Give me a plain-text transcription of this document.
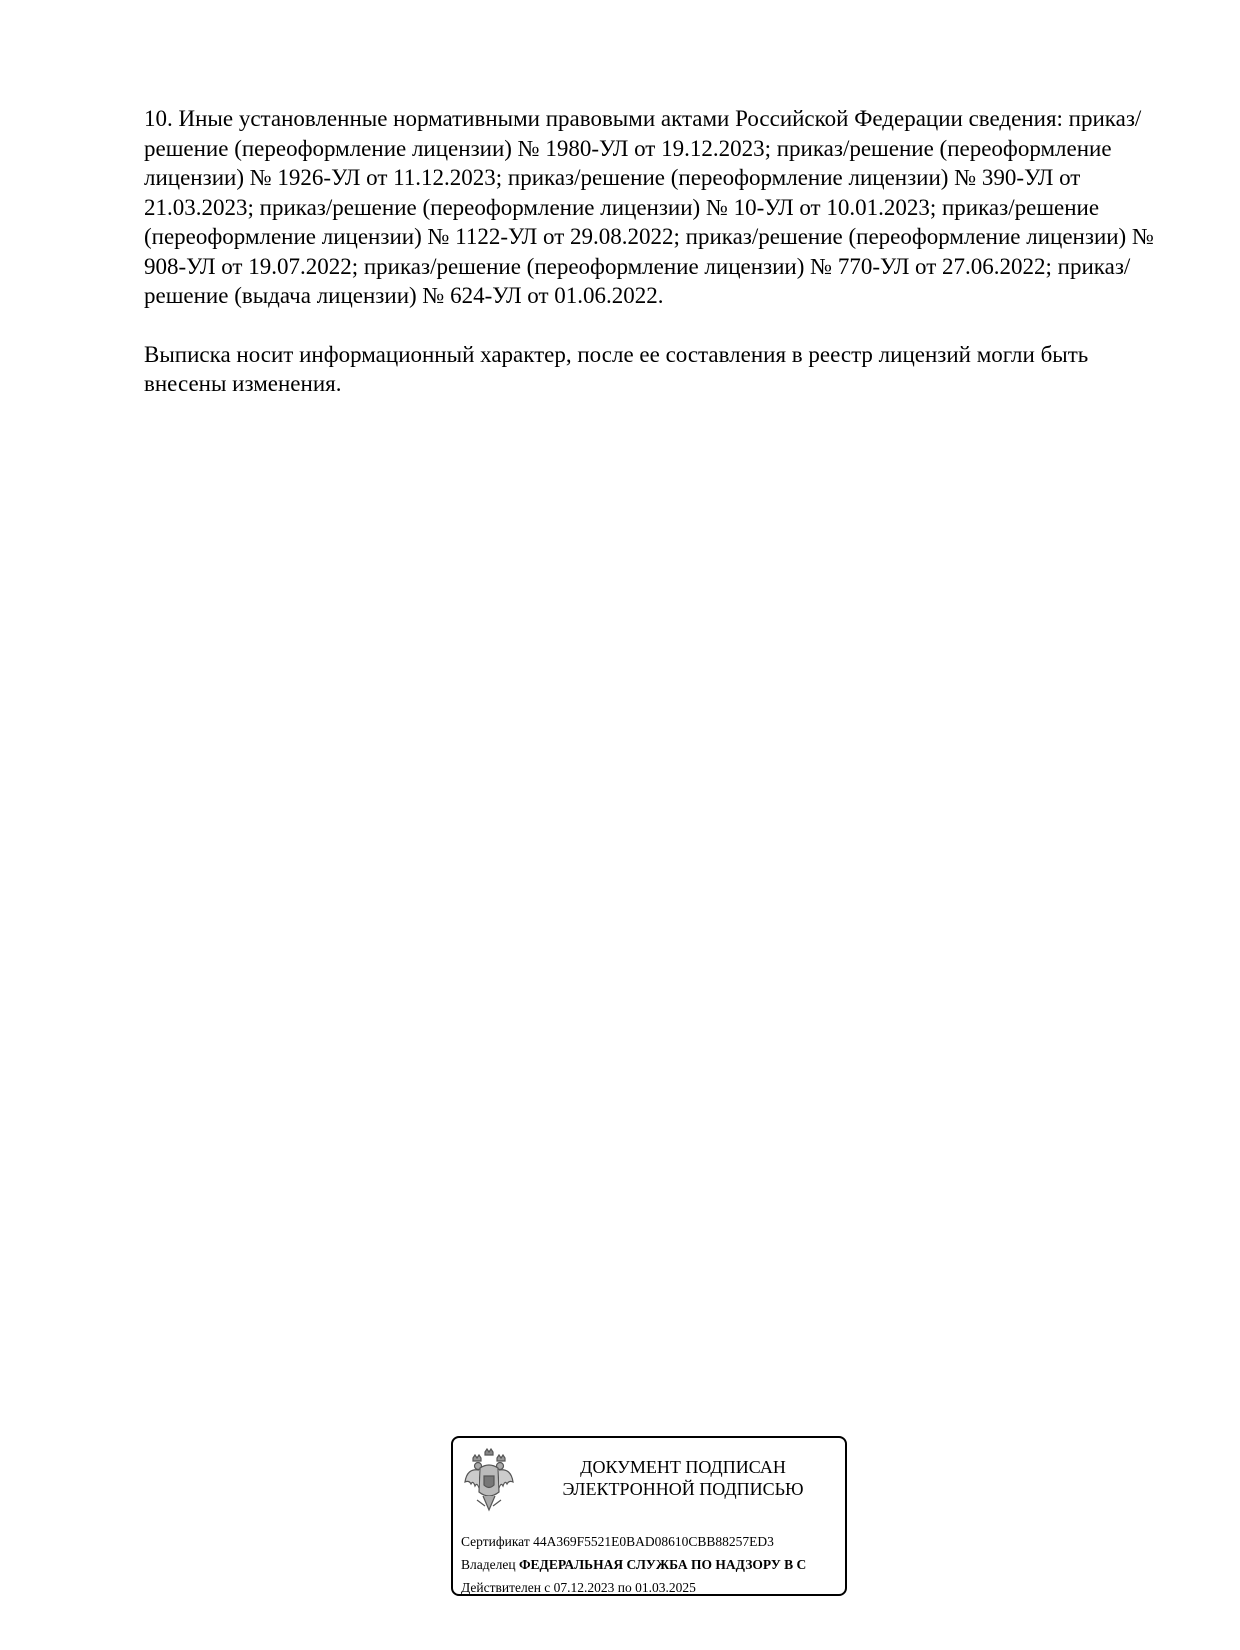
10. Иные установленные нормативными правовыми актами Российской Федерации сведения: приказ/решение (переоформление лицензии) № 1980-УЛ от 19.12.2023; приказ/решение (переоформление лицензии) № 1926-УЛ от 11.12.2023; приказ/решение (переоформление лицензии) № 390-УЛ от 21.03.2023; приказ/решение (переоформление лицензии) № 10-УЛ от 10.01.2023; приказ/решение (переоформление лицензии) № 1122-УЛ от 29.08.2022; приказ/решение (переоформление лицензии) № 908-УЛ от 19.07.2022; приказ/решение (переоформление лицензии) № 770-УЛ от 27.06.2022; приказ/решение (выдача лицензии) № 624-УЛ от 01.06.2022.

Выписка носит информационный характер, после ее составления в реестр лицензий могли быть внесены изменения.

ДОКУМЕНТ ПОДПИСАН
ЭЛЕКТРОННОЙ ПОДПИСЬЮ
Сертификат 44A369F5521E0BAD08610CBB88257ED3
Владелец ФЕДЕРАЛЬНАЯ СЛУЖБА ПО НАДЗОРУ В С
Действителен с 07.12.2023 по 01.03.2025
